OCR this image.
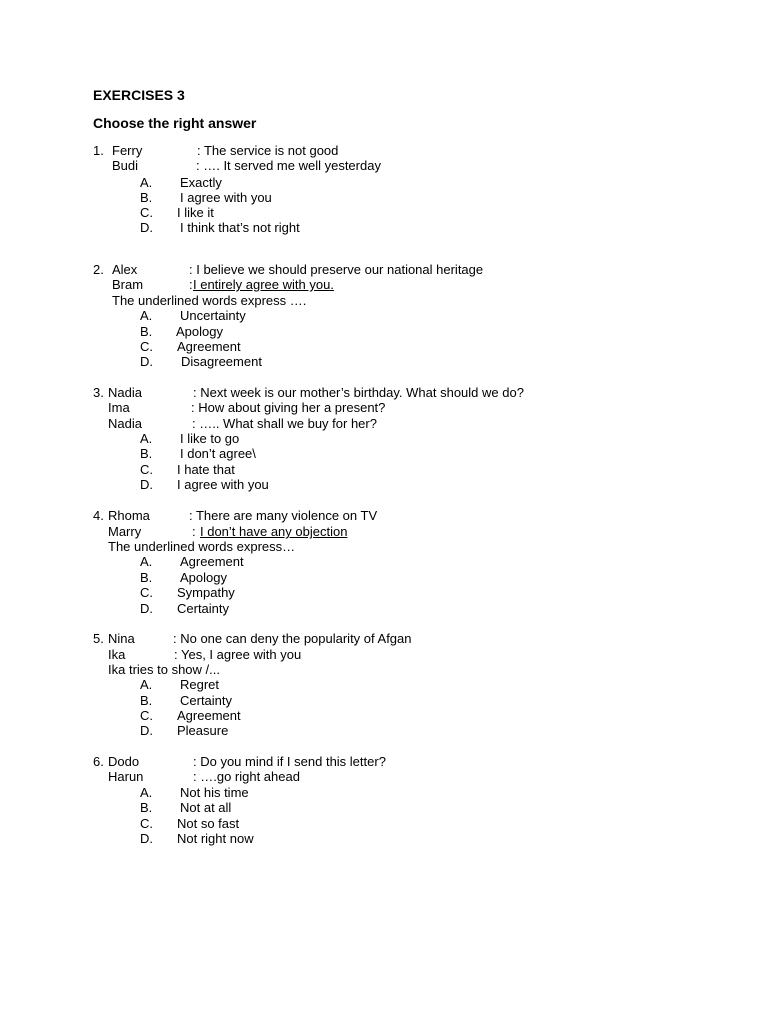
EXERCISES 3
Choose the right answer
1. Ferry	: The service is not good
Budi	: …. It served me well yesterday
A. Exactly
B. I agree with you
C. I like it
D. I think that’s not right
2. Alex	: I believe we should preserve our national heritage
Bram	: I entirely agree with you.
The underlined words express ….
A. Uncertainty
B. Apology
C. Agreement
D. Disagreement
3. Nadia	: Next week is our mother’s birthday. What should we do?
Ima	: How about giving her a present?
Nadia	: ….. What shall we buy for her?
A. I like to go
B. I don’t agree\
C. I hate that
D. I agree with you
4. Rhoma	: There are many violence on TV
Marry	: I don’t have any objection
The underlined words express…
A. Agreement
B. Apology
C. Sympathy
D. Certainty
5. Nina	: No one can deny the popularity of Afgan
Ika	: Yes, I agree with you
Ika tries to show /...
A. Regret
B. Certainty
C. Agreement
D. Pleasure
6. Dodo	: Do you mind if I send this letter?
Harun	: ….go right ahead
A. Not his time
B. Not at all
C. Not so fast
D. Not right now
